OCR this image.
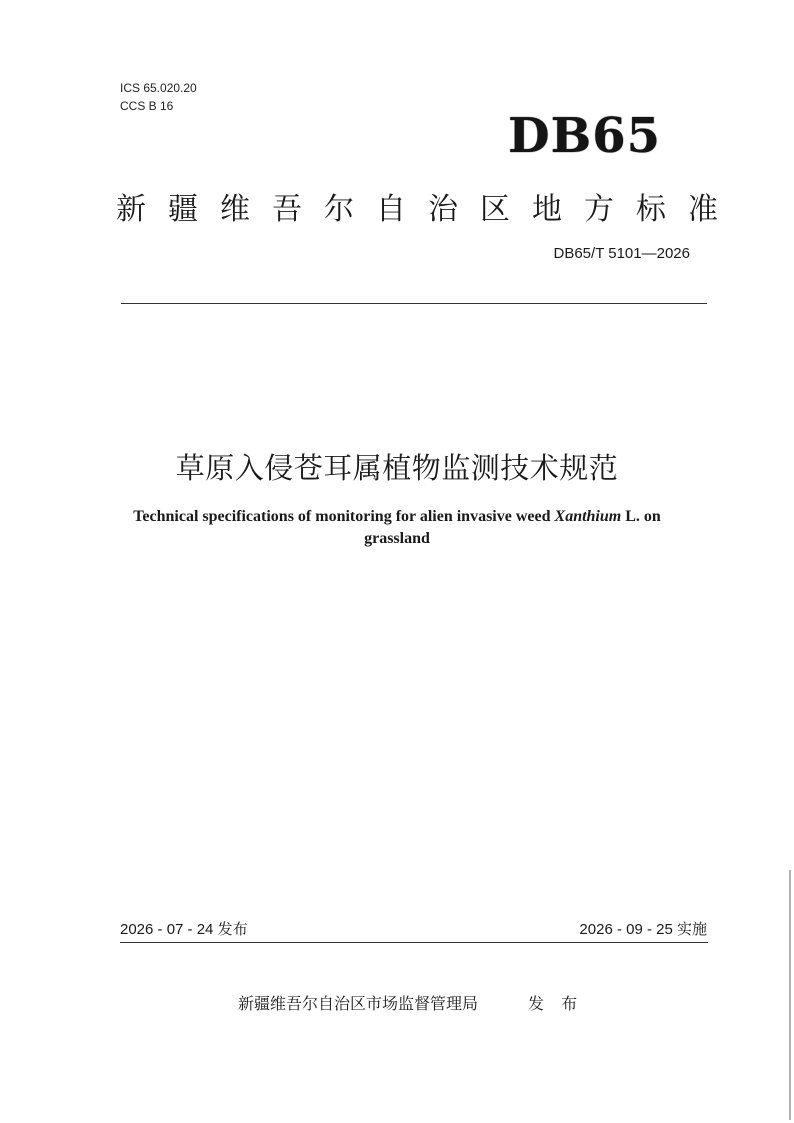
ICS 65.020.20
CCS B 16
DB65
新疆维吾尔自治区地方标准
DB65/T 5101—2026
草原入侵苍耳属植物监测技术规范
Technical specifications of monitoring for alien invasive weed Xanthium L. on
grassland
2026 - 07 - 24 发布	2026 - 09 - 25 实施
新疆维吾尔自治区市场监督管理局	发 布
